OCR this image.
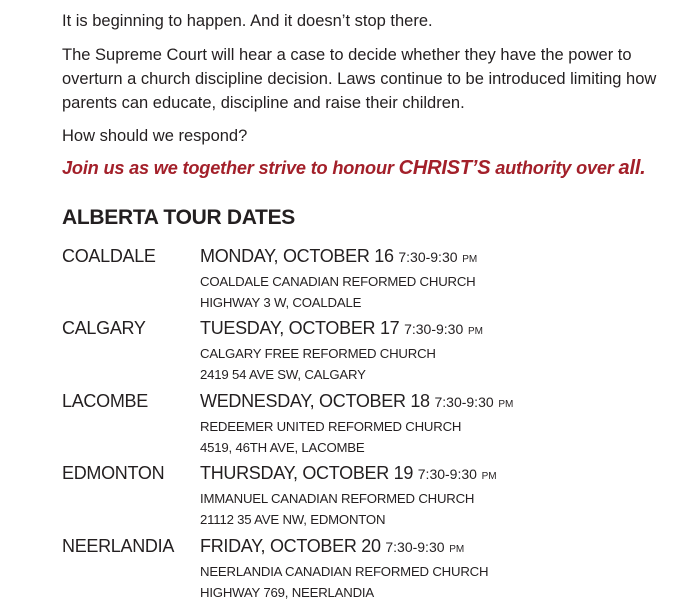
It is beginning to happen. And it doesn’t stop there.

The Supreme Court will hear a case to decide whether they have the power to overturn a church discipline decision. Laws continue to be introduced limiting how parents can educate, discipline and raise their children.

How should we respond?

Join us as we together strive to honour CHRIST’S authority over all.

ALBERTA TOUR DATES
COALDALE MONDAY, OCTOBER 16 7:30-9:30 PM
COALDALE CANADIAN REFORMED CHURCH
HIGHWAY 3 W, COALDALE
CALGARY	TUESDAY, OCTOBER 17 7:30-9:30 PM
CALGARY FREE REFORMED CHURCH
2419 54 AVE SW, CALGARY
LACOMBE	WEDNESDAY, OCTOBER 18 7:30-9:30 PM
REDEEMER UNITED REFORMED CHURCH
4519, 46TH AVE, LACOMBE
EDMONTON THURSDAY, OCTOBER 19 7:30-9:30 PM
IMMANUEL CANADIAN REFORMED CHURCH
21112 35 AVE NW, EDMONTON
NEERLANDIA FRIDAY, OCTOBER 20 7:30-9:30 PM
NEERLANDIA CANADIAN REFORMED CHURCH
HIGHWAY 769, NEERLANDIA
